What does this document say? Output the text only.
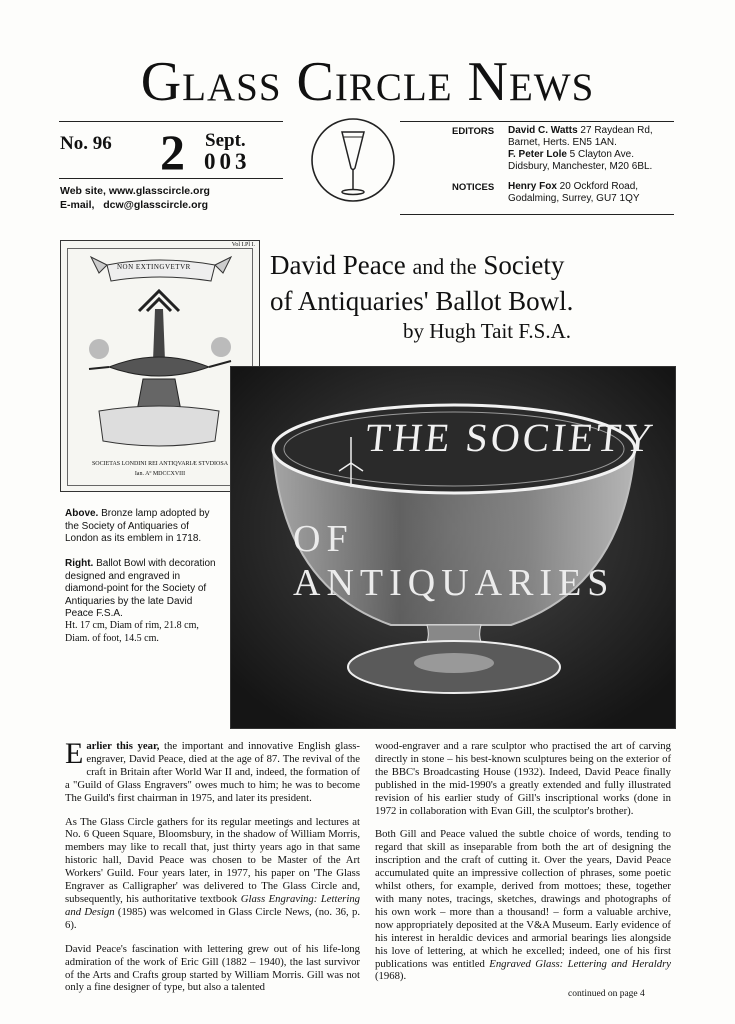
Glass Circle News
No. 96 2 Sept.
003
Web site, www.glasscircle.org
E-mail, dcw@glasscircle.org
EDITORS David C. Watts 27 Raydean Rd,
Barnet, Herts. EN5 1AN.
F. Peter Lole 5 Clayton Ave.
Didsbury, Manchester, M20 6BL.
NOTICES Henry Fox 20 Ockford Road,
Godalming, Surrey, GU7 1QY
Vol I.Pl I.
NON EXTINGVETVR
SOCIETAS LONDINI REI ANTIQVARIÆ STVDIOSA
Ian. Aº MDCCXVIII
David Peace and the Society
of Antiquaries' Ballot Bowl.
by Hugh Tait F.S.A.
THE SOCIETY
OF ANTIQUARIES
Above. Bronze lamp adopted by the Society of Antiquaries of London as its emblem in 1718.
Right. Ballot Bowl with decoration designed and engraved in diamond-point for the Society of Antiquaries by the late David Peace F.S.A.
Ht. 17 cm, Diam of rim, 21.8 cm, Diam. of foot, 14.5 cm.

Earlier this year, the important and innovative English glass-engraver, David Peace, died at the age of 87. The revival of the craft in Britain after World War II and, indeed, the formation of a "Guild of Glass Engravers" owes much to him; he was to become The Guild's first chairman in 1975, and later its president.

As The Glass Circle gathers for its regular meetings and lectures at No. 6 Queen Square, Bloomsbury, in the shadow of William Morris, members may like to recall that, just thirty years ago in that same historic hall, David Peace was chosen to be Master of the Art Workers' Guild. Four years later, in 1977, his paper on 'The Glass Engraver as Calligrapher' was delivered to The Glass Circle and, subsequently, his authoritative textbook Glass Engraving: Lettering and Design (1985) was welcomed in Glass Circle News, (no. 36, p. 6).

David Peace's fascination with lettering grew out of his life-long admiration of the work of Eric Gill (1882 – 1940), the last survivor of the Arts and Crafts group started by William Morris. Gill was not only a fine designer of type, but also a talented

wood-engraver and a rare sculptor who practised the art of carving directly in stone – his best-known sculptures being on the exterior of the BBC's Broadcasting House (1932). Indeed, David Peace finally published in the mid-1990's a greatly extended and fully illustrated revision of his earlier study of Gill's inscriptional works (done in 1972 in collaboration with Evan Gill, the sculptor's brother).

Both Gill and Peace valued the subtle choice of words, tending to regard that skill as inseparable from both the art of designing the inscription and the craft of cutting it. Over the years, David Peace accumulated quite an impressive collection of phrases, some poetic whilst others, for example, derived from mottoes; these, together with many notes, tracings, sketches, drawings and photographs of his own work – more than a thousand! – form a valuable archive, now appropriately deposited at the V&A Museum. Early evidence of his interest in heraldic devices and armorial bearings lies alongside his love of lettering, at which he excelled; indeed, one of his first publications was entitled Engraved Glass: Lettering and Heraldry (1968).

continued on page 4
